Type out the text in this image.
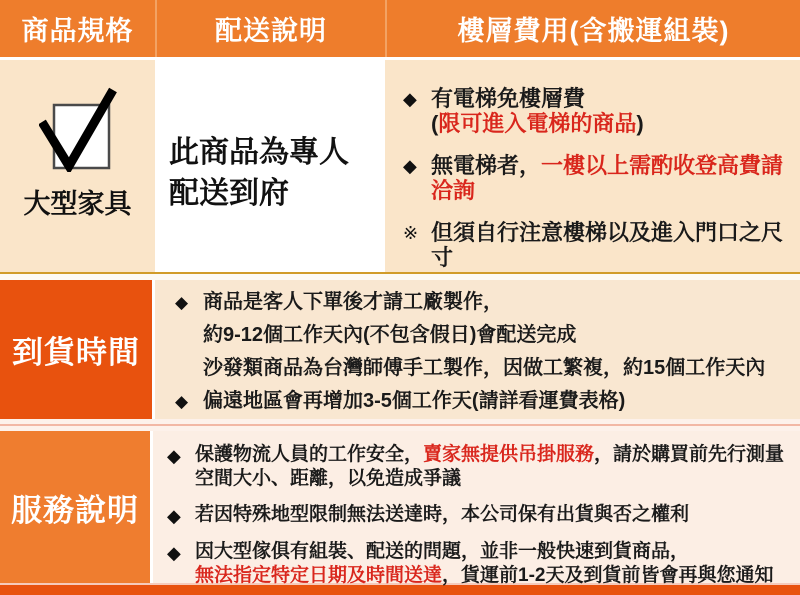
商品規格	配送說明	樓層費用(含搬運組裝)
大型家具
此商品為專人
配送到府
◆ 有電梯免樓層費
(限可進入電梯的商品)
◆ 無電梯者，一樓以上需酌收登高費請
洽詢
※ 但須自行注意樓梯以及進入門口之尺
寸
到貨時間
◆ 商品是客人下單後才請工廠製作，
約9-12個工作天內(不包含假日)會配送完成
沙發類商品為台灣師傅手工製作，因做工繁複，約15個工作天內
◆ 偏遠地區會再增加3-5個工作天(請詳看運費表格)
服務說明
◆ 保護物流人員的工作安全，賣家無提供吊掛服務，請於購買前先行測量
空間大小、距離，以免造成爭議
◆ 若因特殊地型限制無法送達時，本公司保有出貨與否之權利
◆ 因大型傢俱有組裝、配送的問題，並非一般快速到貨商品，
無法指定特定日期及時間送達，貨運前1-2天及到貨前皆會再與您通知
